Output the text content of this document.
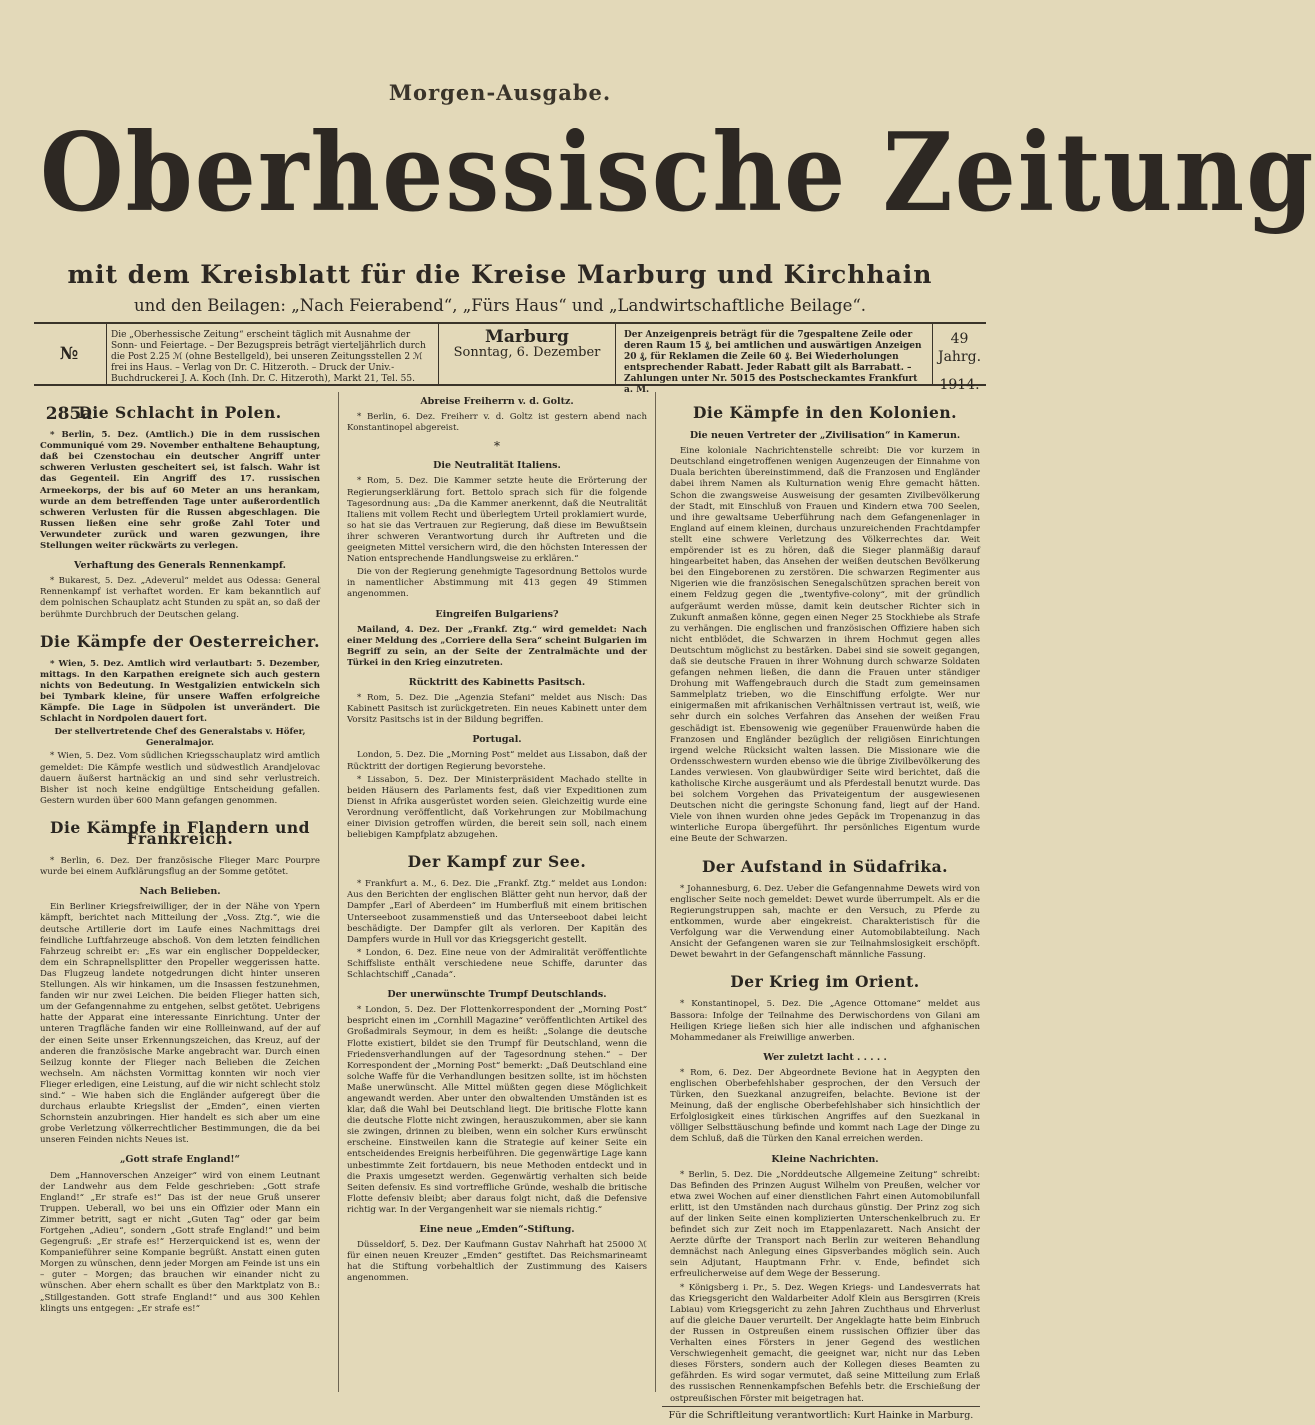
Morgen-Ausgabe.
Oberhessische Zeitung
mit dem Kreisblatt für die Kreise Marburg und Kirchhain
und den Beilagen: „Nach Feierabend“, „Fürs Haus“ und „Landwirtschaftliche Beilage“.
№ 285a
Die „Oberhessische Zeitung“ erscheint täglich mit Ausnahme der Sonn- und Feiertage. – Der Bezugspreis beträgt vierteljährlich durch die Post 2.25 ℳ (ohne Bestellgeld), bei unseren Zeitungsstellen 2 ℳ frei ins Haus. – Verlag von Dr. C. Hitzeroth. – Druck der Univ.-Buchdruckerei J. A. Koch (Inh. Dr. C. Hitzeroth), Markt 21, Tel. 55.
Marburg
Sonntag, 6. Dezember
Der Anzeigenpreis beträgt für die 7gespaltene Zeile oder deren Raum 15 ₰, bei amtlichen und auswärtigen Anzeigen 20 ₰, für Reklamen die Zeile 60 ₰. Bei Wiederholungen entsprechender Rabatt. Jeder Rabatt gilt als Barrabatt. – Zahlungen unter Nr. 5015 des Postscheckamtes Frankfurt a. M.
49 Jahrg.
1914.
Die Schlacht in Polen.

* Berlin, 5. Dez. (Amtlich.) Die in dem russischen Communiqué vom 29. November enthaltene Behauptung, daß bei Czenstochau ein deutscher Angriff unter schweren Verlusten gescheitert sei, ist falsch. Wahr ist das Gegenteil. Ein Angriff des 17. russischen Armeekorps, der bis auf 60 Meter an uns herankam, wurde an dem betreffenden Tage unter außerordentlich schweren Verlusten für die Russen abgeschlagen. Die Russen ließen eine sehr große Zahl Toter und Verwundeter zurück und waren gezwungen, ihre Stellungen weiter rückwärts zu verlegen.

Verhaftung des Generals Rennenkampf.

* Bukarest, 5. Dez. „Adeverul“ meldet aus Odessa: General Rennenkampf ist verhaftet worden. Er kam bekanntlich auf dem polnischen Schauplatz acht Stunden zu spät an, so daß der berühmte Durchbruch der Deutschen gelang.

Die Kämpfe der Oesterreicher.

* Wien, 5. Dez. Amtlich wird verlautbart: 5. Dezember, mittags. In den Karpathen ereignete sich auch gestern nichts von Bedeutung. In Westgalizien entwickeln sich bei Tymbark kleine, für unsere Waffen erfolgreiche Kämpfe. Die Lage in Südpolen ist unverändert. Die Schlacht in Nordpolen dauert fort.

Der stellvertretende Chef des Generalstabs v. Höfer, Generalmajor.

* Wien, 5. Dez. Vom südlichen Kriegsschauplatz wird amtlich gemeldet: Die Kämpfe westlich und südwestlich Arandjelovac dauern äußerst hartnäckig an und sind sehr verlustreich. Bisher ist noch keine endgültige Entscheidung gefallen. Gestern wurden über 600 Mann gefangen genommen.

Die Kämpfe in Flandern und Frankreich.

* Berlin, 6. Dez. Der französische Flieger Marc Pourpre wurde bei einem Aufklärungsflug an der Somme getötet.

Nach Belieben.

Ein Berliner Kriegsfreiwilliger, der in der Nähe von Ypern kämpft, berichtet nach Mitteilung der „Voss. Ztg.“, wie die deutsche Artillerie dort im Laufe eines Nachmittags drei feindliche Luftfahrzeuge abschoß. Von dem letzten feindlichen Fahrzeug schreibt er: „Es war ein englischer Doppeldecker, dem ein Schrapnellsplitter den Propeller weggerissen hatte. Das Flugzeug landete notgedrungen dicht hinter unseren Stellungen. Als wir hinkamen, um die Insassen festzunehmen, fanden wir nur zwei Leichen. Die beiden Flieger hatten sich, um der Gefangennahme zu entgehen, selbst getötet. Uebrigens hatte der Apparat eine interessante Einrichtung. Unter der unteren Tragfläche fanden wir eine Rollleinwand, auf der auf der einen Seite unser Erkennungszeichen, das Kreuz, auf der anderen die französische Marke angebracht war. Durch einen Seilzug konnte der Flieger nach Belieben die Zeichen wechseln. Am nächsten Vormittag konnten wir noch vier Flieger erledigen, eine Leistung, auf die wir nicht schlecht stolz sind.“ – Wie haben sich die Engländer aufgeregt über die durchaus erlaubte Kriegslist der „Emden“, einen vierten Schornstein anzubringen. Hier handelt es sich aber um eine grobe Verletzung völkerrechtlicher Bestimmungen, die da bei unseren Feinden nichts Neues ist.

„Gott strafe England!“

Dem „Hannoverschen Anzeiger“ wird von einem Leutnant der Landwehr aus dem Felde geschrieben: „Gott strafe England!“ „Er strafe es!“ Das ist der neue Gruß unserer Truppen. Ueberall, wo bei uns ein Offizier oder Mann ein Zimmer betritt, sagt er nicht „Guten Tag“ oder gar beim Fortgehen „Adieu“, sondern „Gott strafe England!“ und beim Gegengruß: „Er strafe es!“ Herzerquickend ist es, wenn der Kompanieführer seine Kompanie begrüßt. Anstatt einen guten Morgen zu wünschen, denn jeder Morgen am Feinde ist uns ein – guter – Morgen; das brauchen wir einander nicht zu wünschen. Aber ehern schallt es über den Marktplatz von B.: „Stillgestanden. Gott strafe England!“ und aus 300 Kehlen klingts uns entgegen: „Er strafe es!“

Abreise Freiherrn v. d. Goltz.

* Berlin, 6. Dez. Freiherr v. d. Goltz ist gestern abend nach Konstantinopel abgereist.

*
Die Neutralität Italiens.

* Rom, 5. Dez. Die Kammer setzte heute die Erörterung der Regierungserklärung fort. Bettolo sprach sich für die folgende Tagesordnung aus: „Da die Kammer anerkennt, daß die Neutralität Italiens mit vollem Recht und überlegtem Urteil proklamiert wurde, so hat sie das Vertrauen zur Regierung, daß diese im Bewußtsein ihrer schweren Verantwortung durch ihr Auftreten und die geeigneten Mittel versichern wird, die den höchsten Interessen der Nation entsprechende Handlungsweise zu erklären.“

Die von der Regierung genehmigte Tagesordnung Bettolos wurde in namentlicher Abstimmung mit 413 gegen 49 Stimmen angenommen.

Eingreifen Bulgariens?

Mailand, 4. Dez. Der „Frankf. Ztg.“ wird gemeldet: Nach einer Meldung des „Corriere della Sera“ scheint Bulgarien im Begriff zu sein, an der Seite der Zentralmächte und der Türkei in den Krieg einzutreten.

Rücktritt des Kabinetts Pasitsch.

* Rom, 5. Dez. Die „Agenzia Stefani“ meldet aus Nisch: Das Kabinett Pasitsch ist zurückgetreten. Ein neues Kabinett unter dem Vorsitz Pasitschs ist in der Bildung begriffen.

Portugal.

London, 5. Dez. Die „Morning Post“ meldet aus Lissabon, daß der Rücktritt der dortigen Regierung bevorstehe.

* Lissabon, 5. Dez. Der Ministerpräsident Machado stellte in beiden Häusern des Parlaments fest, daß vier Expeditionen zum Dienst in Afrika ausgerüstet worden seien. Gleichzeitig wurde eine Verordnung veröffentlicht, daß Vorkehrungen zur Mobilmachung einer Division getroffen würden, die bereit sein soll, nach einem beliebigen Kampfplatz abzugehen.

Der Kampf zur See.

* Frankfurt a. M., 6. Dez. Die „Frankf. Ztg.“ meldet aus London: Aus den Berichten der englischen Blätter geht nun hervor, daß der Dampfer „Earl of Aberdeen“ im Humberfluß mit einem britischen Unterseeboot zusammenstieß und das Unterseeboot dabei leicht beschädigte. Der Dampfer gilt als verloren. Der Kapitän des Dampfers wurde in Hull vor das Kriegsgericht gestellt.

* London, 6. Dez. Eine neue von der Admiralität veröffentlichte Schiffsliste enthält verschiedene neue Schiffe, darunter das Schlachtschiff „Canada“.

Der unerwünschte Trumpf Deutschlands.

* London, 5. Dez. Der Flottenkorrespondent der „Morning Post“ bespricht einen im „Cornhill Magazine“ veröffentlichten Artikel des Großadmirals Seymour, in dem es heißt: „Solange die deutsche Flotte existiert, bildet sie den Trumpf für Deutschland, wenn die Friedensverhandlungen auf der Tagesordnung stehen.“ – Der Korrespondent der „Morning Post“ bemerkt: „Daß Deutschland eine solche Waffe für die Verhandlungen besitzen sollte, ist im höchsten Maße unerwünscht. Alle Mittel müßten gegen diese Möglichkeit angewandt werden. Aber unter den obwaltenden Umständen ist es klar, daß die Wahl bei Deutschland liegt. Die britische Flotte kann die deutsche Flotte nicht zwingen, herauszukommen, aber sie kann sie zwingen, drinnen zu bleiben, wenn ein solcher Kurs erwünscht erscheine. Einstweilen kann die Strategie auf keiner Seite ein entscheidendes Ereignis herbeiführen. Die gegenwärtige Lage kann unbestimmte Zeit fortdauern, bis neue Methoden entdeckt und in die Praxis umgesetzt werden. Gegenwärtig verhalten sich beide Seiten defensiv. Es sind vortreffliche Gründe, weshalb die britische Flotte defensiv bleibt; aber daraus folgt nicht, daß die Defensive richtig war. In der Vergangenheit war sie niemals richtig.“

Eine neue „Emden“-Stiftung.

Düsseldorf, 5. Dez. Der Kaufmann Gustav Nahrhaft hat 25000 ℳ für einen neuen Kreuzer „Emden“ gestiftet. Das Reichsmarineamt hat die Stiftung vorbehaltlich der Zustimmung des Kaisers angenommen.

Die Kämpfe in den Kolonien.
Die neuen Vertreter der „Zivilisation“ in Kamerun.

Eine koloniale Nachrichtenstelle schreibt: Die vor kurzem in Deutschland eingetroffenen wenigen Augenzeugen der Einnahme von Duala berichten übereinstimmend, daß die Franzosen und Engländer dabei ihrem Namen als Kulturnation wenig Ehre gemacht hätten. Schon die zwangsweise Ausweisung der gesamten Zivilbevölkerung der Stadt, mit Einschluß von Frauen und Kindern etwa 700 Seelen, und ihre gewaltsame Ueberführung nach dem Gefangenenlager in England auf einem kleinen, durchaus unzureichenden Frachtdampfer stellt eine schwere Verletzung des Völkerrechtes dar. Weit empörender ist es zu hören, daß die Sieger planmäßig darauf hingearbeitet haben, das Ansehen der weißen deutschen Bevölkerung bei den Eingeborenen zu zerstören. Die schwarzen Regimenter aus Nigerien wie die französischen Senegalschützen sprachen bereit von einem Feldzug gegen die „twentyfive-colony“, mit der gründlich aufgeräumt werden müsse, damit kein deutscher Richter sich in Zukunft anmaßen könne, gegen einen Neger 25 Stockhiebe als Strafe zu verhängen. Die englischen und französischen Offiziere haben sich nicht entblödet, die Schwarzen in ihrem Hochmut gegen alles Deutschtum möglichst zu bestärken. Dabei sind sie soweit gegangen, daß sie deutsche Frauen in ihrer Wohnung durch schwarze Soldaten gefangen nehmen ließen, die dann die Frauen unter ständiger Drohung mit Waffengebrauch durch die Stadt zum gemeinsamen Sammelplatz trieben, wo die Einschiffung erfolgte. Wer nur einigermaßen mit afrikanischen Verhältnissen vertraut ist, weiß, wie sehr durch ein solches Verfahren das Ansehen der weißen Frau geschädigt ist. Ebensowenig wie gegenüber Frauenwürde haben die Franzosen und Engländer bezüglich der religiösen Einrichtungen irgend welche Rücksicht walten lassen. Die Missionare wie die Ordensschwestern wurden ebenso wie die übrige Zivilbevölkerung des Landes verwiesen. Von glaubwürdiger Seite wird berichtet, daß die katholische Kirche ausgeräumt und als Pferdestall benutzt wurde. Das bei solchem Vorgehen das Privateigentum der ausgewiesenen Deutschen nicht die geringste Schonung fand, liegt auf der Hand. Viele von ihnen wurden ohne jedes Gepäck im Tropenanzug in das winterliche Europa übergeführt. Ihr persönliches Eigentum wurde eine Beute der Schwarzen.

Der Aufstand in Südafrika.

* Johannesburg, 6. Dez. Ueber die Gefangennahme Dewets wird von englischer Seite noch gemeldet: Dewet wurde überrumpelt. Als er die Regierungstruppen sah, machte er den Versuch, zu Pferde zu entkommen, wurde aber eingekreist. Charakteristisch für die Verfolgung war die Verwendung einer Automobilabteilung. Nach Ansicht der Gefangenen waren sie zur Teilnahmslosigkeit erschöpft. Dewet bewahrt in der Gefangenschaft männliche Fassung.

Der Krieg im Orient.

* Konstantinopel, 5. Dez. Die „Agence Ottomane“ meldet aus Bassora: Infolge der Teilnahme des Derwischordens von Gilani am Heiligen Kriege ließen sich hier alle indischen und afghanischen Mohammedaner als Freiwillige anwerben.

Wer zuletzt lacht . . . . .

* Rom, 6. Dez. Der Abgeordnete Bevione hat in Aegypten den englischen Oberbefehlshaber gesprochen, der den Versuch der Türken, den Suezkanal anzugreifen, belachte. Bevione ist der Meinung, daß der englische Oberbefehlshaber sich hinsichtlich der Erfolglosigkeit eines türkischen Angriffes auf den Suezkanal in völliger Selbsttäuschung befinde und kommt nach Lage der Dinge zu dem Schluß, daß die Türken den Kanal erreichen werden.

Kleine Nachrichten.

* Berlin, 5. Dez. Die „Norddeutsche Allgemeine Zeitung“ schreibt: Das Befinden des Prinzen August Wilhelm von Preußen, welcher vor etwa zwei Wochen auf einer dienstlichen Fahrt einen Automobilunfall erlitt, ist den Umständen nach durchaus günstig. Der Prinz zog sich auf der linken Seite einen komplizierten Unterschenkelbruch zu. Er befindet sich zur Zeit noch im Etappenlazarett. Nach Ansicht der Aerzte dürfte der Transport nach Berlin zur weiteren Behandlung demnächst nach Anlegung eines Gipsverbandes möglich sein. Auch sein Adjutant, Hauptmann Frhr. v. Ende, befindet sich erfreulicherweise auf dem Wege der Besserung.

* Königsberg i. Pr., 5. Dez. Wegen Kriegs- und Landesverrats hat das Kriegsgericht den Waldarbeiter Adolf Klein aus Bersgirren (Kreis Labiau) vom Kriegsgericht zu zehn Jahren Zuchthaus und Ehrverlust auf die gleiche Dauer verurteilt. Der Angeklagte hatte beim Einbruch der Russen in Ostpreußen einem russischen Offizier über das Verhalten eines Försters in jener Gegend des westlichen Verschwiegenheit gemacht, die geeignet war, nicht nur das Leben dieses Försters, sondern auch der Kollegen dieses Beamten zu gefährden. Es wird sogar vermutet, daß seine Mitteilung zum Erlaß des russischen Rennenkampfschen Befehls betr. die Erschießung der ostpreußischen Förster mit beigetragen hat.

Für die Schriftleitung verantwortlich: Kurt Hainke in Marburg.
